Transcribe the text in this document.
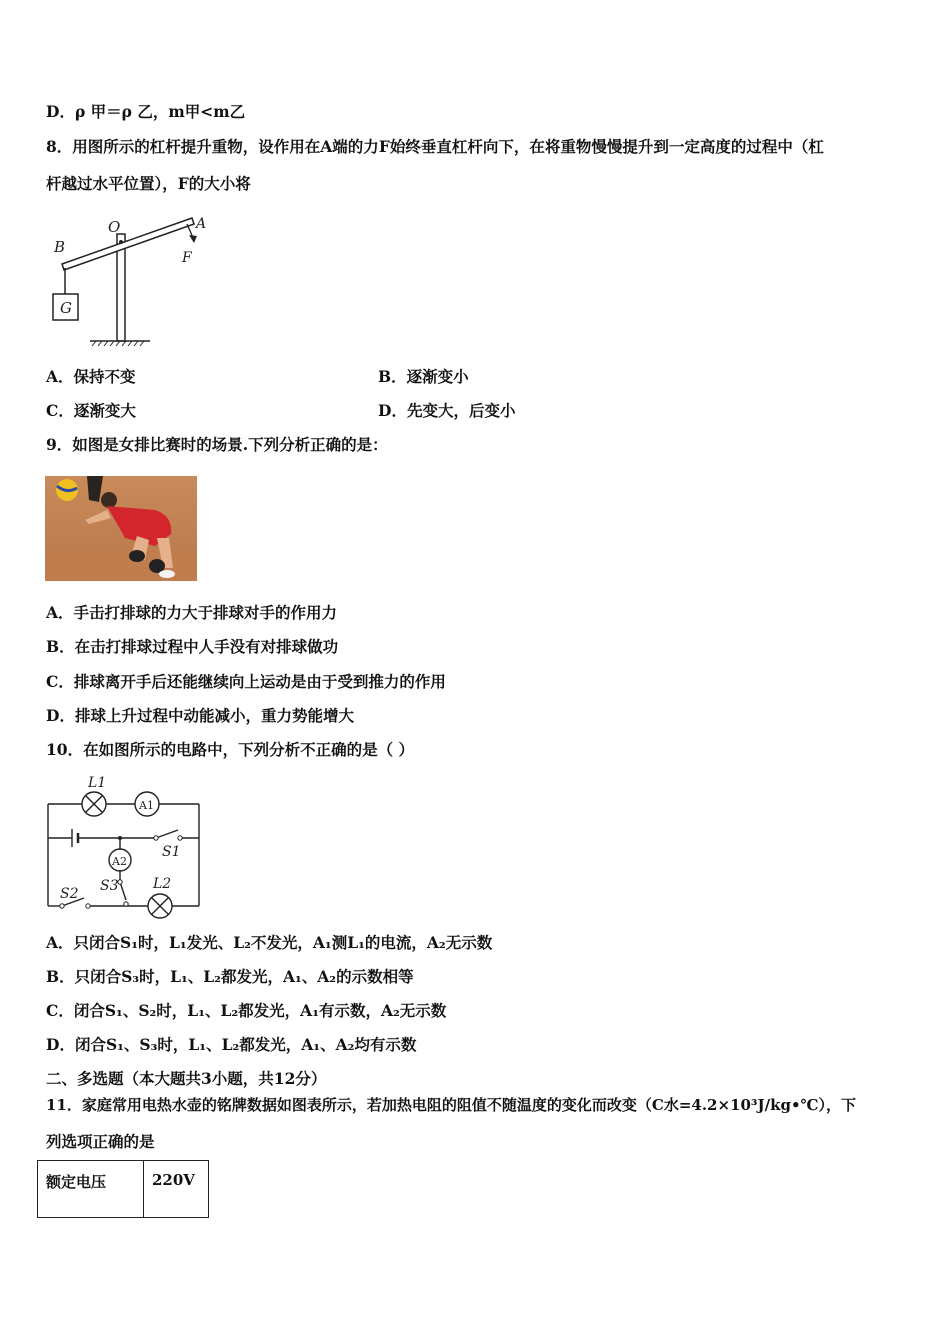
D．ρ 甲＝ρ 乙，m甲<m乙
8．用图所示的杠杆提升重物，设作用在A端的力F始终垂直杠杆向下，在将重物慢慢提升到一定高度的过程中（杠
杆越过水平位置），F的大小将
G
O	A
B
F
A．保持不变	B．逐渐变小
C．逐渐变大	D．先变大，后变小
9．如图是女排比赛时的场景.下列分析正确的是：
A．手击打排球的力大于排球对手的作用力
B．在击打排球过程中人手没有对排球做功
C．排球离开手后还能继续向上运动是由于受到推力的作用
D．排球上升过程中动能减小，重力势能增大
10．在如图所示的电路中，下列分析不正确的是（ ）
L1
A1
A2
S1
S2 S3 L2
A．只闭合S₁时，L₁发光、L₂不发光，A₁测L₁的电流，A₂无示数
B．只闭合S₃时，L₁、L₂都发光，A₁、A₂的示数相等
C．闭合S₁、S₂时，L₁、L₂都发光，A₁有示数，A₂无示数
D．闭合S₁、S₃时，L₁、L₂都发光，A₁、A₂均有示数
二、多选题（本大题共3小题，共12分）
11．家庭常用电热水壶的铭牌数据如图表所示，若加热电阻的阻值不随温度的变化而改变（C水=4.2×10³J/kg•℃），下
列选项正确的是
额定电压	220V
